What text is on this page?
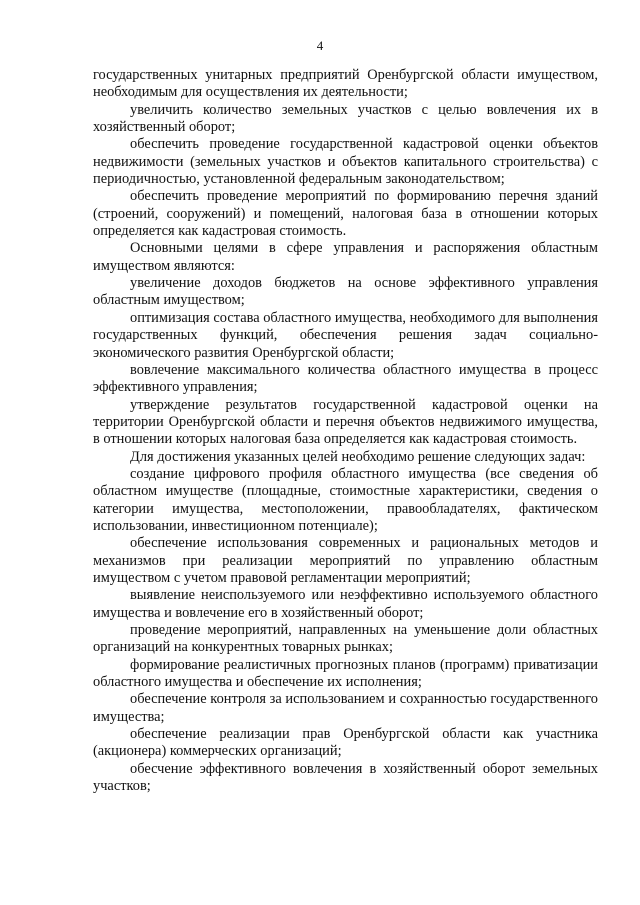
4

государственных унитарных предприятий Оренбургской области имуществом, необходимым для осуществления их деятельности;

увеличить количество земельных участков с целью вовлечения их в хозяйственный оборот;

обеспечить проведение государственной кадастровой оценки объектов недвижимости (земельных участков и объектов капитального строительства) с периодичностью, установленной федеральным законодательством;

обеспечить проведение мероприятий по формированию перечня зданий (строений, сооружений) и помещений, налоговая база в отношении которых определяется как кадастровая стоимость.

Основными целями в сфере управления и распоряжения областным имуществом являются:

увеличение доходов бюджетов на основе эффективного управления областным имуществом;

оптимизация состава областного имущества, необходимого для выполнения государственных функций, обеспечения решения задач социально-экономического развития Оренбургской области;

вовлечение максимального количества областного имущества в процесс эффективного управления;

утверждение результатов государственной кадастровой оценки на территории Оренбургской области и перечня объектов недвижимого имущества, в отношении которых налоговая база определяется как кадастровая стоимость.

Для достижения указанных целей необходимо решение следующих задач:

создание цифрового профиля областного имущества (все сведения об областном имуществе (площадные, стоимостные характеристики, сведения о категории имущества, местоположении, правообладателях, фактическом использовании, инвестиционном потенциале);

обеспечение использования современных и рациональных методов и механизмов при реализации мероприятий по управлению областным имуществом с учетом правовой регламентации мероприятий;

выявление неиспользуемого или неэффективно используемого областного имущества и вовлечение его в хозяйственный оборот;

проведение мероприятий, направленных на уменьшение доли областных организаций на конкурентных товарных рынках;

формирование реалистичных прогнозных планов (программ) приватизации областного имущества и обеспечение их исполнения;

обеспечение контроля за использованием и сохранностью государственного имущества;

обеспечение реализации прав Оренбургской области как участника (акционера) коммерческих организаций;

обесчение эффективного вовлечения в хозяйственный оборот земельных участков;
